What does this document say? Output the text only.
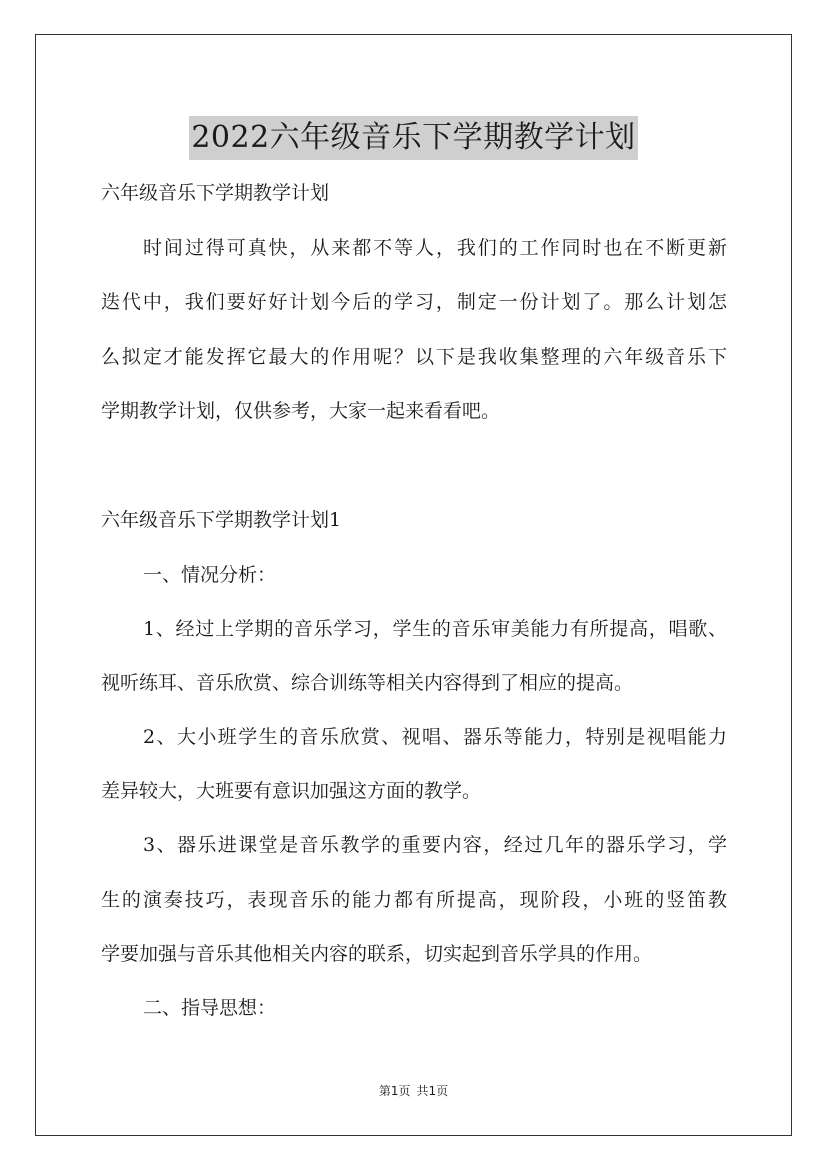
2022六年级音乐下学期教学计划
六年级音乐下学期教学计划
时间过得可真快，从来都不等人，我们的工作同时也在不断更新
迭代中，我们要好好计划今后的学习，制定一份计划了。那么计划怎
么拟定才能发挥它最大的作用呢？以下是我收集整理的六年级音乐下
学期教学计划，仅供参考，大家一起来看看吧。
六年级音乐下学期教学计划1
一、情况分析：
1、经过上学期的音乐学习，学生的音乐审美能力有所提高，唱歌、
视听练耳、音乐欣赏、综合训练等相关内容得到了相应的提高。
2、大小班学生的音乐欣赏、视唱、器乐等能力，特别是视唱能力
差异较大，大班要有意识加强这方面的教学。
3、器乐进课堂是音乐教学的重要内容，经过几年的器乐学习，学
生的演奏技巧，表现音乐的能力都有所提高，现阶段，小班的竖笛教
学要加强与音乐其他相关内容的联系，切实起到音乐学具的作用。
二、指导思想：
第1页 共1页
